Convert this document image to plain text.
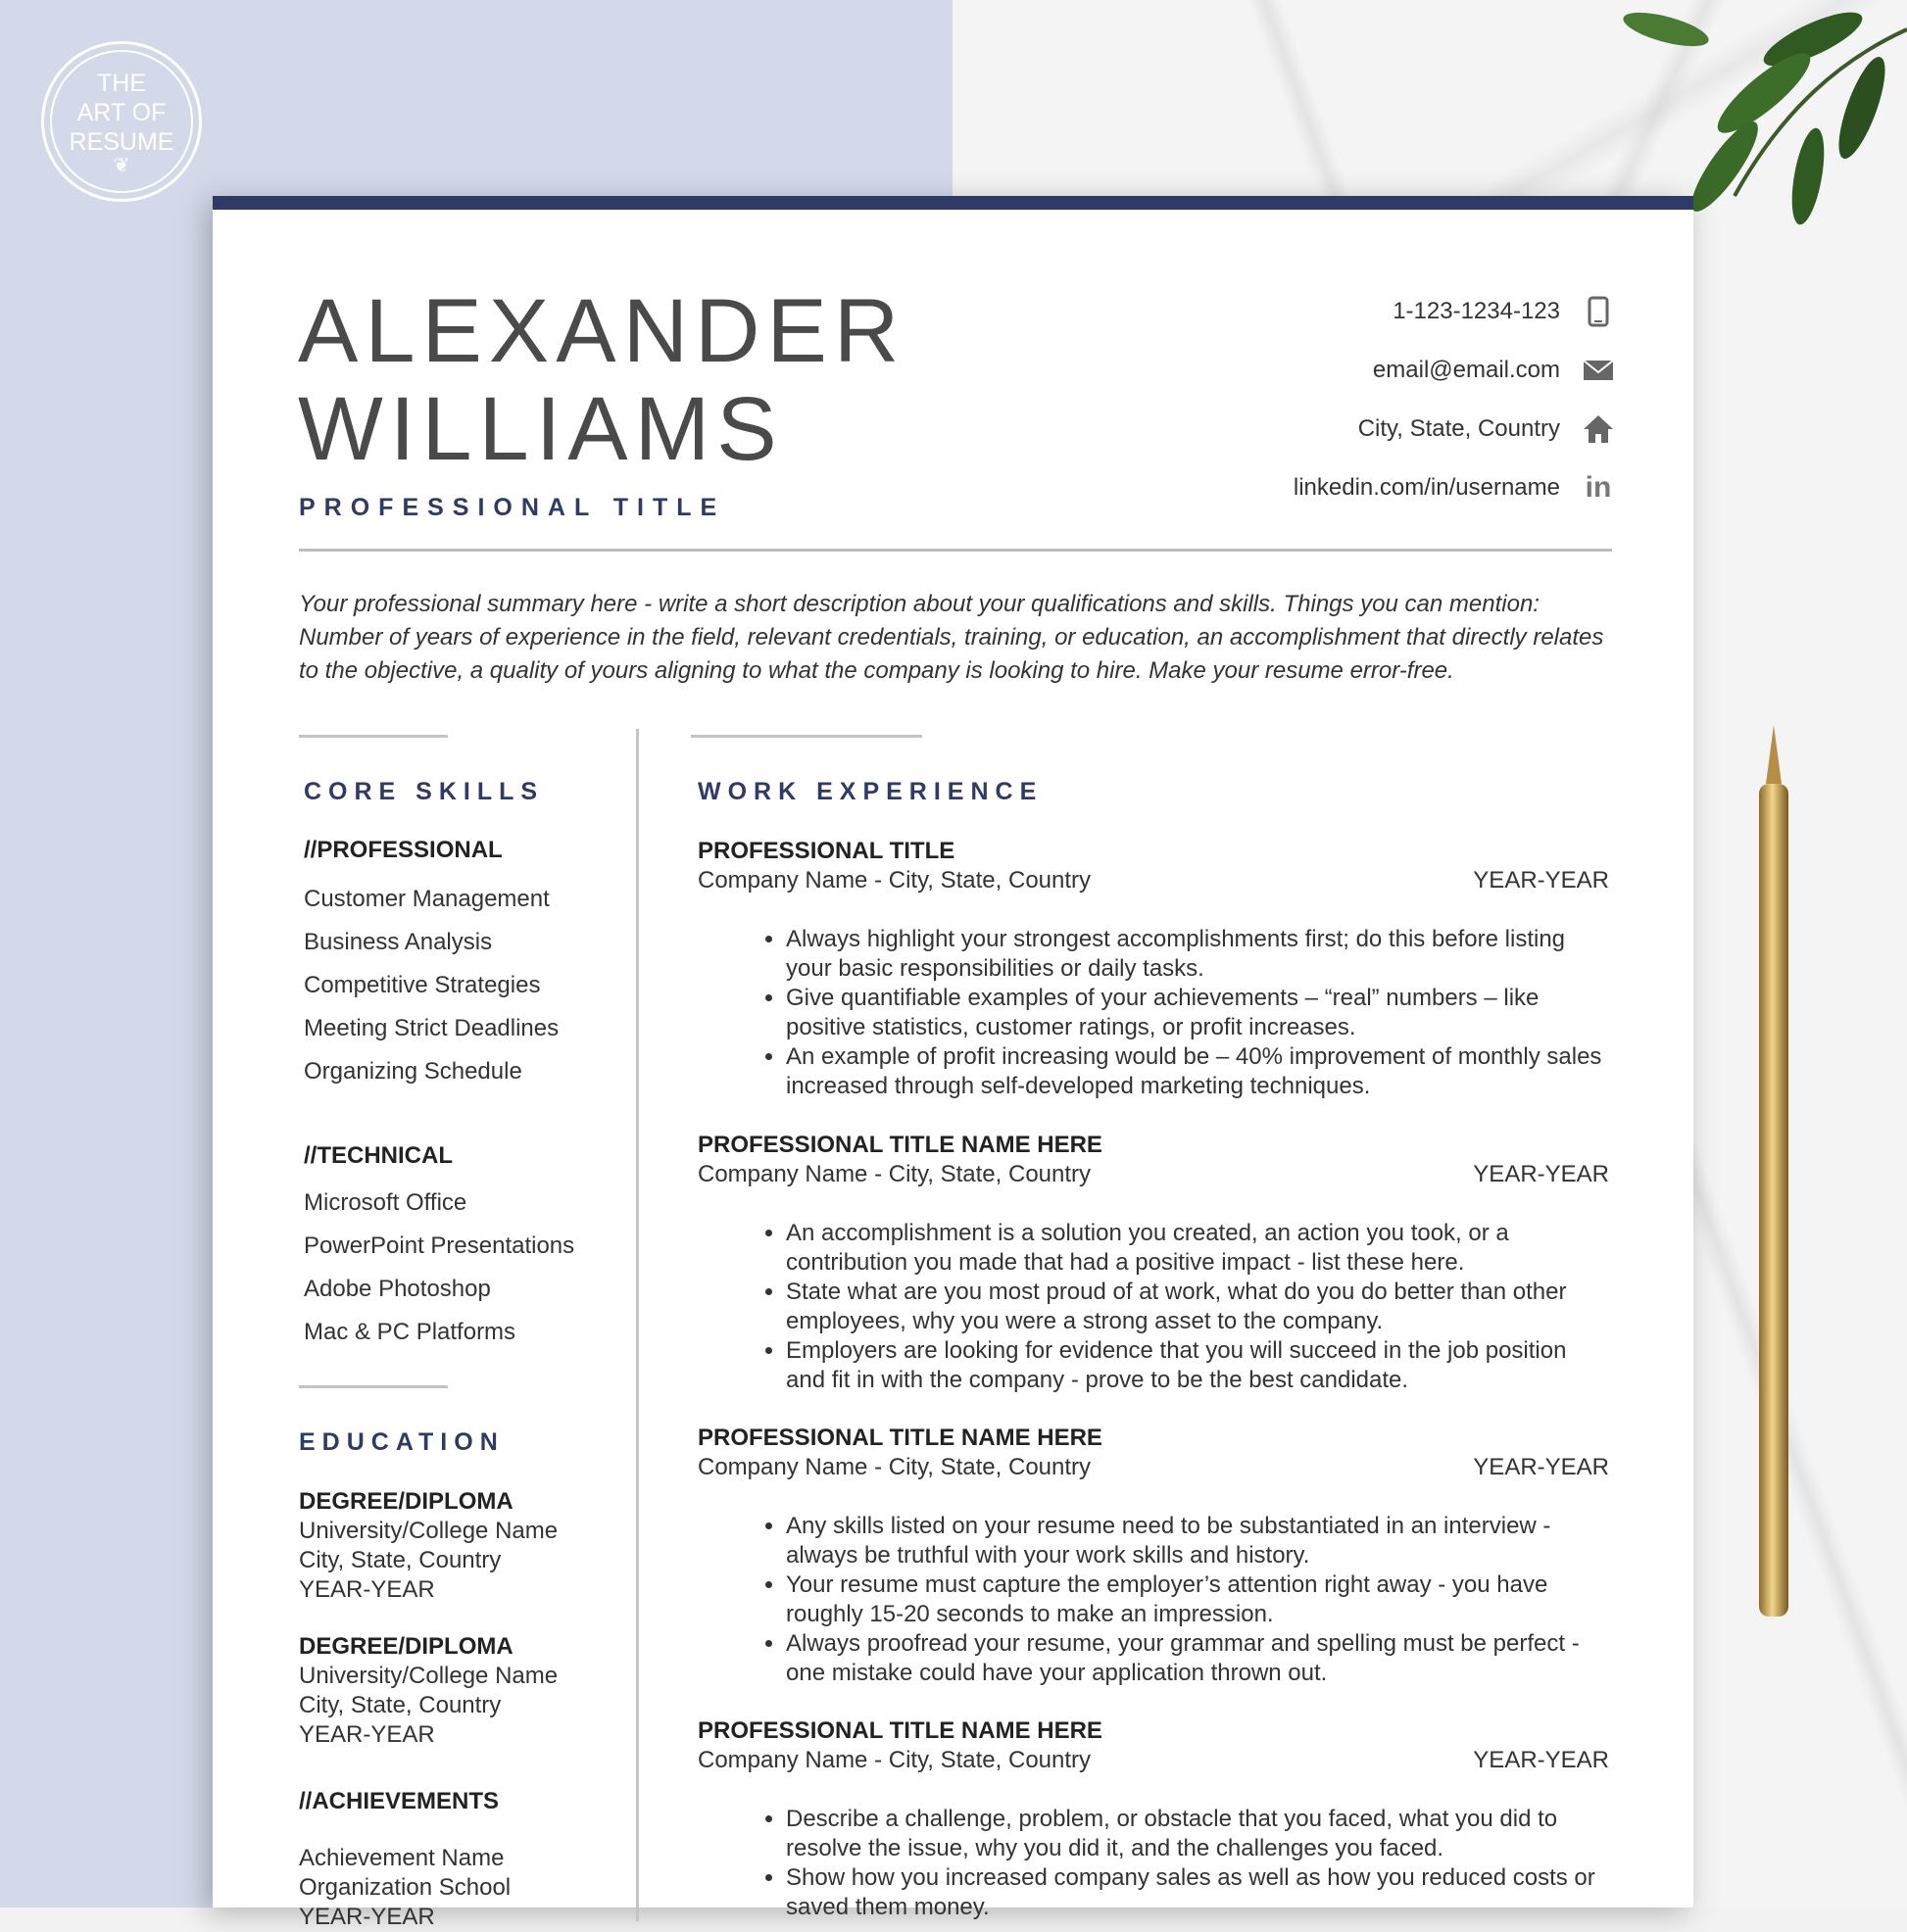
THE
ART OF
RESUME
❦
ALEXANDER
WILLIAMS
PROFESSIONAL TITLE
1-123-1234-123
email@email.com
City, State, Country
linkedin.com/in/username in
Your professional summary here - write a short description about your qualifications and skills. Things you can mention: Number of years of experience in the field, relevant credentials, training, or education, an accomplishment that directly relates to the objective, a quality of yours aligning to what the company is looking to hire. Make your resume error-free.
CORE SKILLS
//PROFESSIONAL
Customer Management
Business Analysis
Competitive Strategies
Meeting Strict Deadlines
Organizing Schedule
//TECHNICAL
Microsoft Office
PowerPoint Presentations
Adobe Photoshop
Mac & PC Platforms
EDUCATION
DEGREE/DIPLOMA
University/College Name
City, State, Country
YEAR-YEAR
DEGREE/DIPLOMA
University/College Name
City, State, Country
YEAR-YEAR
//ACHIEVEMENTS
Achievement Name
Organization School
YEAR-YEAR
WORK EXPERIENCE
PROFESSIONAL TITLE
Company Name - City, State, Country	YEAR-YEAR
• Always highlight your strongest accomplishments first; do this before listing your basic responsibilities or daily tasks.
• Give quantifiable examples of your achievements – “real” numbers – like positive statistics, customer ratings, or profit increases.
• An example of profit increasing would be – 40% improvement of monthly sales increased through self-developed marketing techniques.
PROFESSIONAL TITLE NAME HERE
Company Name - City, State, Country	YEAR-YEAR
• An accomplishment is a solution you created, an action you took, or a contribution you made that had a positive impact - list these here.
• State what are you most proud of at work, what do you do better than other employees, why you were a strong asset to the company.
• Employers are looking for evidence that you will succeed in the job position and fit in with the company - prove to be the best candidate.
PROFESSIONAL TITLE NAME HERE
Company Name - City, State, Country	YEAR-YEAR
• Any skills listed on your resume need to be substantiated in an interview - always be truthful with your work skills and history.
• Your resume must capture the employer’s attention right away - you have roughly 15-20 seconds to make an impression.
• Always proofread your resume, your grammar and spelling must be perfect - one mistake could have your application thrown out.
PROFESSIONAL TITLE NAME HERE
Company Name - City, State, Country	YEAR-YEAR
• Describe a challenge, problem, or obstacle that you faced, what you did to resolve the issue, why you did it, and the challenges you faced.
• Show how you increased company sales as well as how you reduced costs or saved them money.
